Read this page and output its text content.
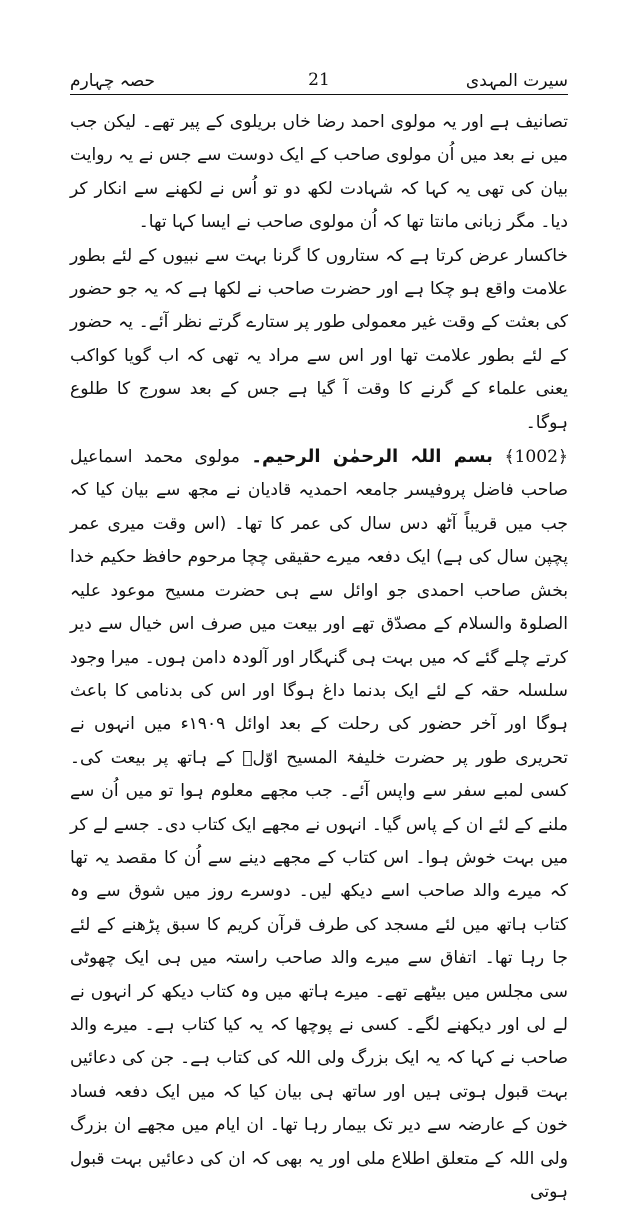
سیرت المہدی
21
حصہ چہارم

تصانیف ہے اور یہ مولوی احمد رضا خاں بریلوی کے پیر تھے۔ لیکن جب میں نے بعد میں اُن مولوی صاحب کے ایک دوست سے جس نے یہ روایت بیان کی تھی یہ کہا کہ شہادت لکھ دو تو اُس نے لکھنے سے انکار کر دیا۔ مگر زبانی مانتا تھا کہ اُن مولوی صاحب نے ایسا کہا تھا۔

خاکسار عرض کرتا ہے کہ ستاروں کا گرنا بہت سے نبیوں کے لئے بطور علامت واقع ہو چکا ہے اور حضرت صاحب نے لکھا ہے کہ یہ جو حضور کی بعثت کے وقت غیر معمولی طور پر ستارے گرتے نظر آئے۔ یہ حضور کے لئے بطور علامت تھا اور اس سے مراد یہ تھی کہ اب گویا کواکب یعنی علماء کے گرنے کا وقت آ گیا ہے جس کے بعد سورج کا طلوع ہوگا۔

﴿1002﴾ بسم اللہ الرحمٰن الرحیم۔ مولوی محمد اسماعیل صاحب فاضل پروفیسر جامعہ احمدیہ قادیان نے مجھ سے بیان کیا کہ جب میں قریباً آٹھ دس سال کی عمر کا تھا۔ (اس وقت میری عمر پچپن سال کی ہے) ایک دفعہ میرے حقیقی چچا مرحوم حافظ حکیم خدا بخش صاحب احمدی جو اوائل سے ہی حضرت مسیح موعود علیہ الصلوۃ والسلام کے مصدّق تھے اور بیعت میں صرف اس خیال سے دیر کرتے چلے گئے کہ میں بہت ہی گنہگار اور آلودہ دامن ہوں۔ میرا وجود سلسلہ حقہ کے لئے ایک بدنما داغ ہوگا اور اس کی بدنامی کا باعث ہوگا اور آخر حضور کی رحلت کے بعد اوائل ۱۹۰۹ء میں انہوں نے تحریری طور پر حضرت خلیفۃ المسیح اوّلؓ کے ہاتھ پر بیعت کی۔ کسی لمبے سفر سے واپس آئے۔ جب مجھے معلوم ہوا تو میں اُن سے ملنے کے لئے ان کے پاس گیا۔ انہوں نے مجھے ایک کتاب دی۔ جسے لے کر میں بہت خوش ہوا۔ اس کتاب کے مجھے دینے سے اُن کا مقصد یہ تھا کہ میرے والد صاحب اسے دیکھ لیں۔ دوسرے روز میں شوق سے وہ کتاب ہاتھ میں لئے مسجد کی طرف قرآن کریم کا سبق پڑھنے کے لئے جا رہا تھا۔ اتفاق سے میرے والد صاحب راستہ میں ہی ایک چھوٹی سی مجلس میں بیٹھے تھے۔ میرے ہاتھ میں وہ کتاب دیکھ کر انہوں نے لے لی اور دیکھنے لگے۔ کسی نے پوچھا کہ یہ کیا کتاب ہے۔ میرے والد صاحب نے کہا کہ یہ ایک بزرگ ولی اللہ کی کتاب ہے۔ جن کی دعائیں بہت قبول ہوتی ہیں اور ساتھ ہی بیان کیا کہ میں ایک دفعہ فساد خون کے عارضہ سے دیر تک بیمار رہا تھا۔ ان ایام میں مجھے ان بزرگ ولی اللہ کے متعلق اطلاع ملی اور یہ بھی کہ ان کی دعائیں بہت قبول ہوتی
